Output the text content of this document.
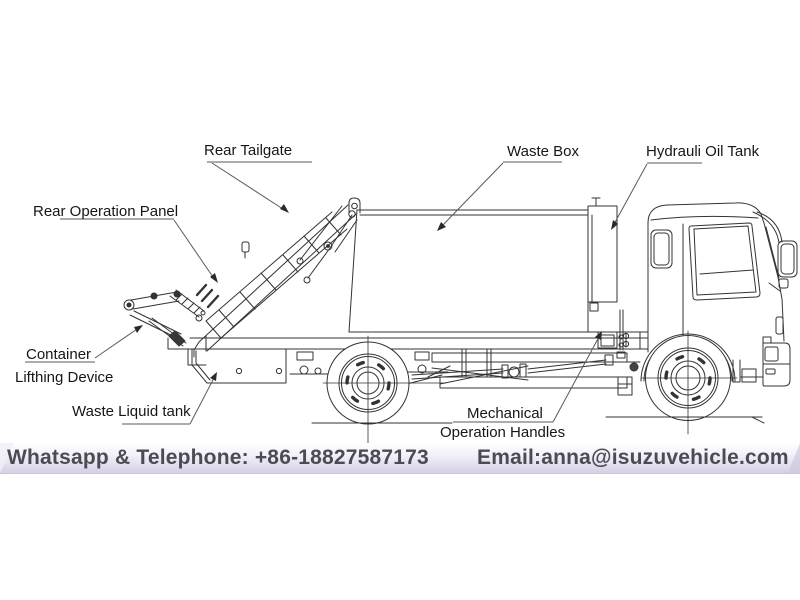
Rear Tailgate	Waste Box	Hydrauli Oil Tank
Rear Operation Panel
Container
Lifthing Device
Waste Liquid tank	Mechanical
Operation Handles
Whatsapp & Telephone: +86-18827587173 Email:anna@isuzuvehicle.com
